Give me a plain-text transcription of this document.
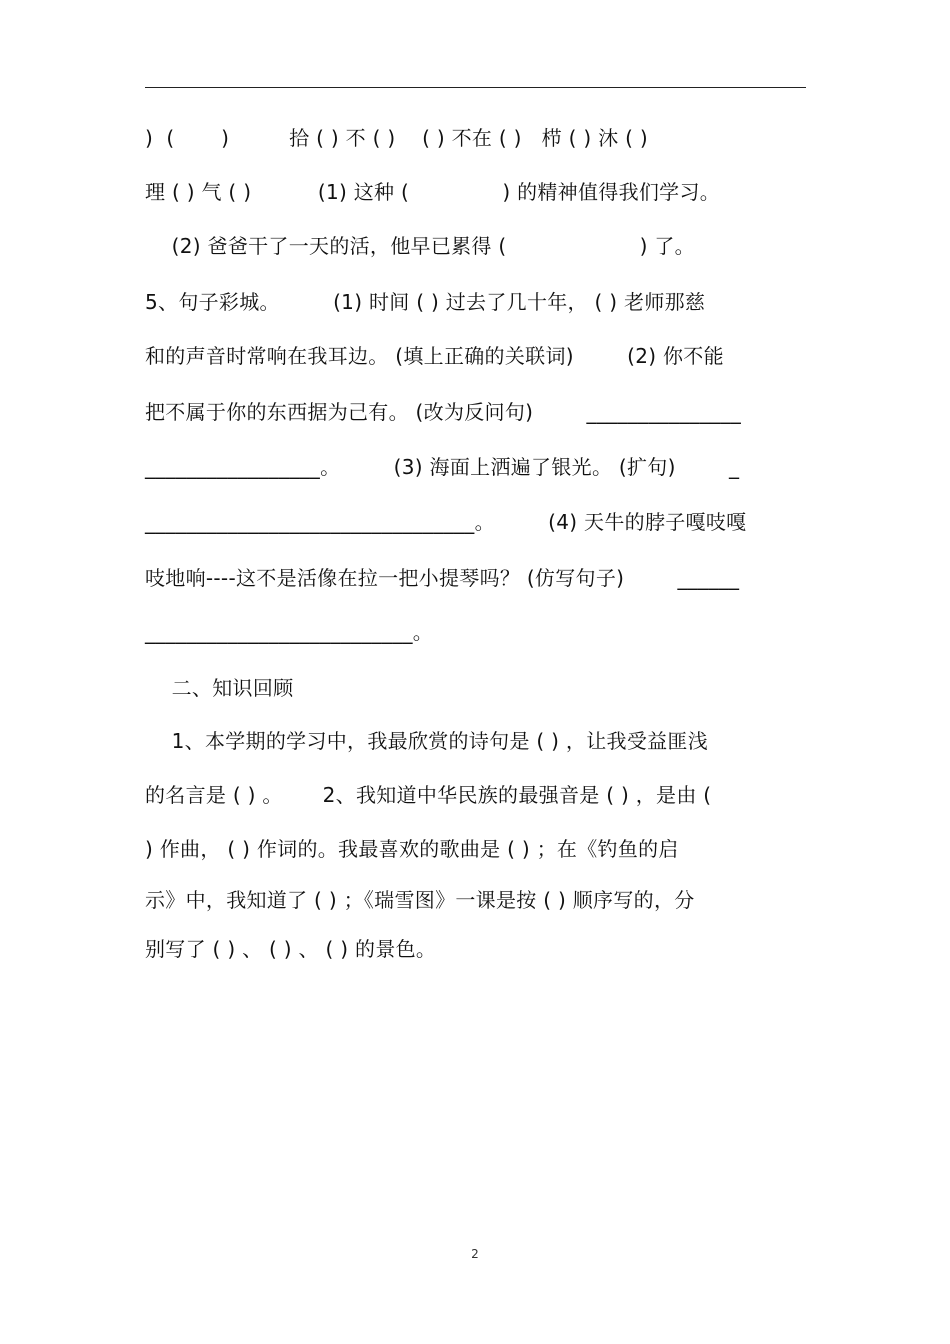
)  (       )         拾 ( ) 不 ( )    ( ) 不在 ( )   栉 ( ) 沐 ( )
理 ( ) 气 ( )          (1) 这种 (              ) 的精神值得我们学习。
(2) 爸爸干了一天的活，他早已累得 (                    ) 了。
5、句子彩城。        (1) 时间 ( ) 过去了几十年， ( ) 老师那慈
和的声音时常响在我耳边。 (填上正确的关联词)        (2) 你不能
把不属于你的东西据为己有。 (改为反问句)        _______________
_________________。        (3) 海面上洒遍了银光。 (扩句)        _
________________________________。        (4) 天牛的脖子嘎吱嘎
吱地响----这不是活像在拉一把小提琴吗？ (仿写句子)        ______
__________________________。
二、知识回顾
1、本学期的学习中，我最欣赏的诗句是 ( ) ，让我受益匪浅
的名言是 ( ) 。      2、我知道中华民族的最强音是 ( ) ，是由 (
) 作曲， ( ) 作词的。我最喜欢的歌曲是 ( ) ；在《钓鱼的启
示》中，我知道了 ( ) ；《瑞雪图》一课是按 ( ) 顺序写的，分
别写了 ( ) 、 ( ) 、 ( ) 的景色。
2
